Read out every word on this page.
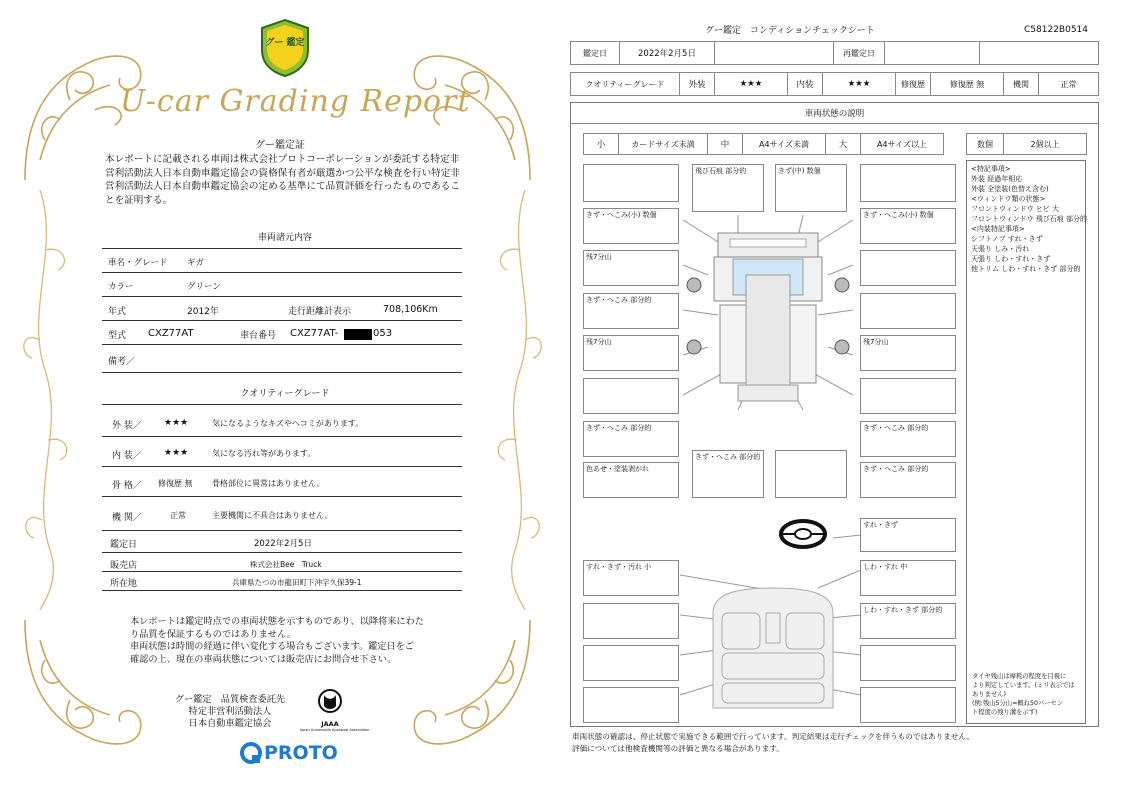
グー 鑑定
U-car Grading Report
グー鑑定証
本レポートに記載される車両は株式会社プロトコーポレーションが委託する特定非営利活動法人日本自動車鑑定協会の資格保有者が厳選かつ公平な検査を行い特定非営利活動法人日本自動車鑑定協会の定める基準にて品質評価を行ったものであることを証明する。
車両諸元内容
車名・グレード ギガ
カラー	グリーン
年式	2012年	走行距離計表示	708,106Km
型式 CXZ77AT	車台番号 CXZ77AT-	053
備考／
クオリティーグレード
外 装／ ★★★	気になるようなキズやヘコミがあります。
内 装／ ★★★	気になる汚れ等があります。
骨 格／ 修復歴 無 骨格部位に異常はありません。
機 関／	正常	主要機関に不具合はありません。
鑑定日	2022年2月5日
販売店	株式会社Bee　Truck
所在地	兵庫県たつの市龍田町下沖字久保39-1
本レポートは鑑定時点での車両状態を示すものであり、以降将来にわた
り品質を保証するものではありません。
車両状態は時間の経過に伴い変化する場合もございます。鑑定日をご
確認の上、現在の車両状態については販売店にお問合せ下さい。
グー鑑定　品質検査委託先
特定非営利活動法人
日本自動車鑑定協会	JAAA
Japan Automobile Appraisal Association
PROTO
グー鑑定　コンディションチェックシート	C58122B0514
鑑定日	2022年2月5日	再鑑定日
クオリティーグレード	外装	★★★	内装	★★★	修復歴	修復歴 無	機関	正常
車両状態の説明
小	カードサイズ未満	中	A4サイズ未満	大	A4サイズ以上	数個	2個以上
飛び石痕 部分的	きず(中) 数個
きず・へこみ(小) 数個	きず・へこみ(小) 数個
残7分山
きず・へこみ 部分的
残7分山	残7分山
きず・へこみ 部分的	きず・へこみ 部分的
色あせ・塗装剥がれ
きず・へこみ 部分的
きず・へこみ 部分的
すれ・きず
すれ・きず・汚れ 小	しわ・すれ 中
しわ・すれ・きず 部分的
<特記事項>
外装 経過年相応
外装 全塗装(色替え含む)
<ウィンドウ類の状態>
フロントウィンドウ ヒビ 大
フロントウィンドウ 飛び石痕 部分的
<内装特記事項>
シフトノブ すれ・きず
天張り しみ・汚れ
天張り しわ・すれ・きず
他トリム しわ・すれ・きず 部分的
タイヤ残山は摩耗の程度を目視に
より判定しています。(ミリ表示では
ありません)
(例:残山5分山=概ね50パーセン
ト程度の残り溝を示す)
車両状態の確認は、停止状態で実施できる範囲で行っています。判定結果は走行チェックを伴うものではありません。
評価については他検査機関等の評価と異なる場合があります。
